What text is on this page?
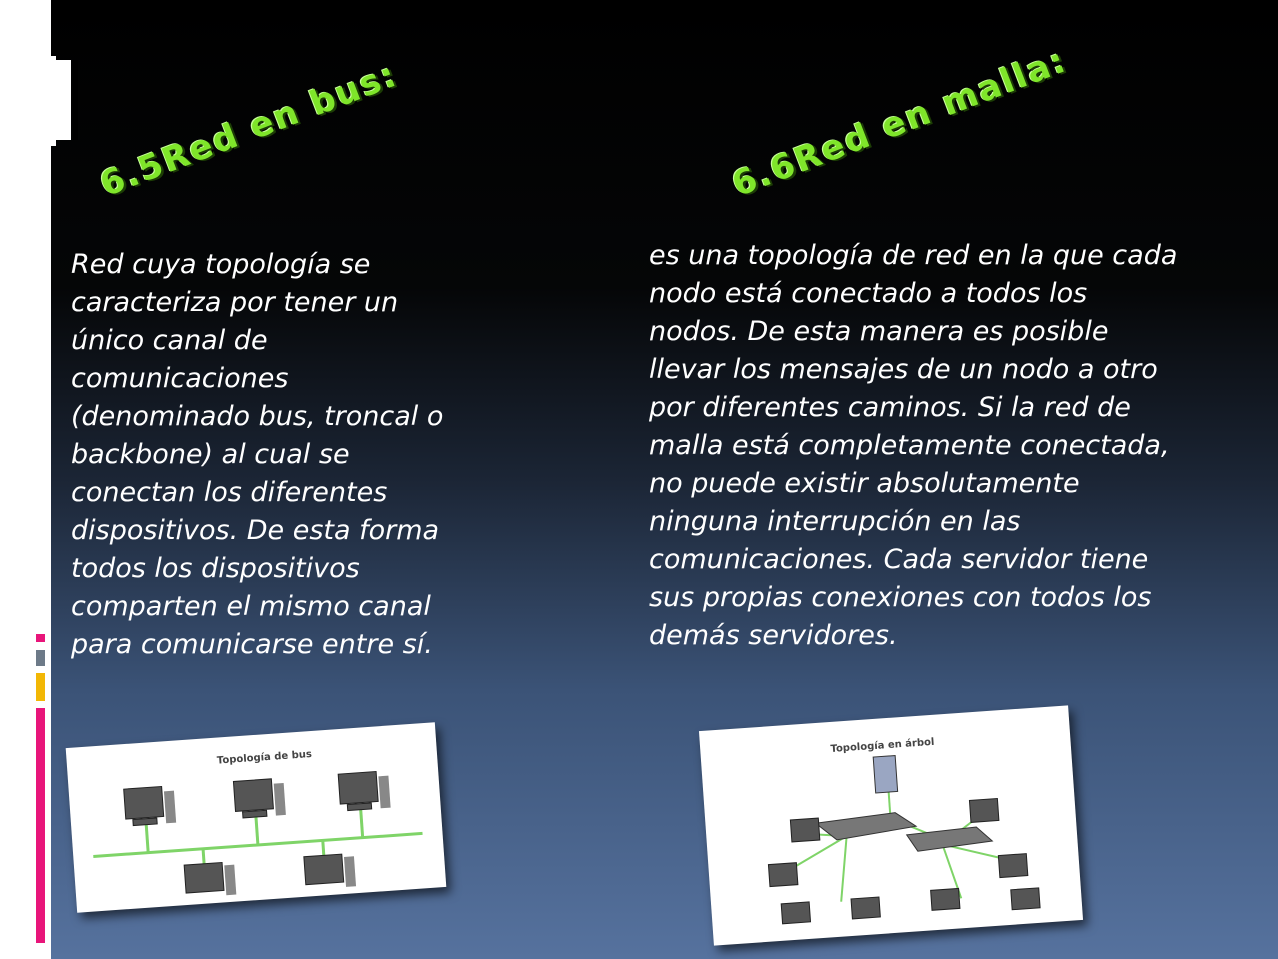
6.5Red en bus:	6.6Red en malla:
Red cuya topología se caracteriza por tener un único canal de comunicaciones (denominado bus, troncal o backbone) al cual se conectan los diferentes dispositivos. De esta forma todos los dispositivos comparten el mismo canal para comunicarse entre sí.
es una topología de red en la que cada nodo está conectado a todos los nodos. De esta manera es posible llevar los mensajes de un nodo a otro por diferentes caminos. Si la red de malla está completamente conectada, no puede existir absolutamente ninguna interrupción en las comunicaciones. Cada servidor tiene sus propias conexiones con todos los demás servidores.
Topología de bus
Topología en árbol
